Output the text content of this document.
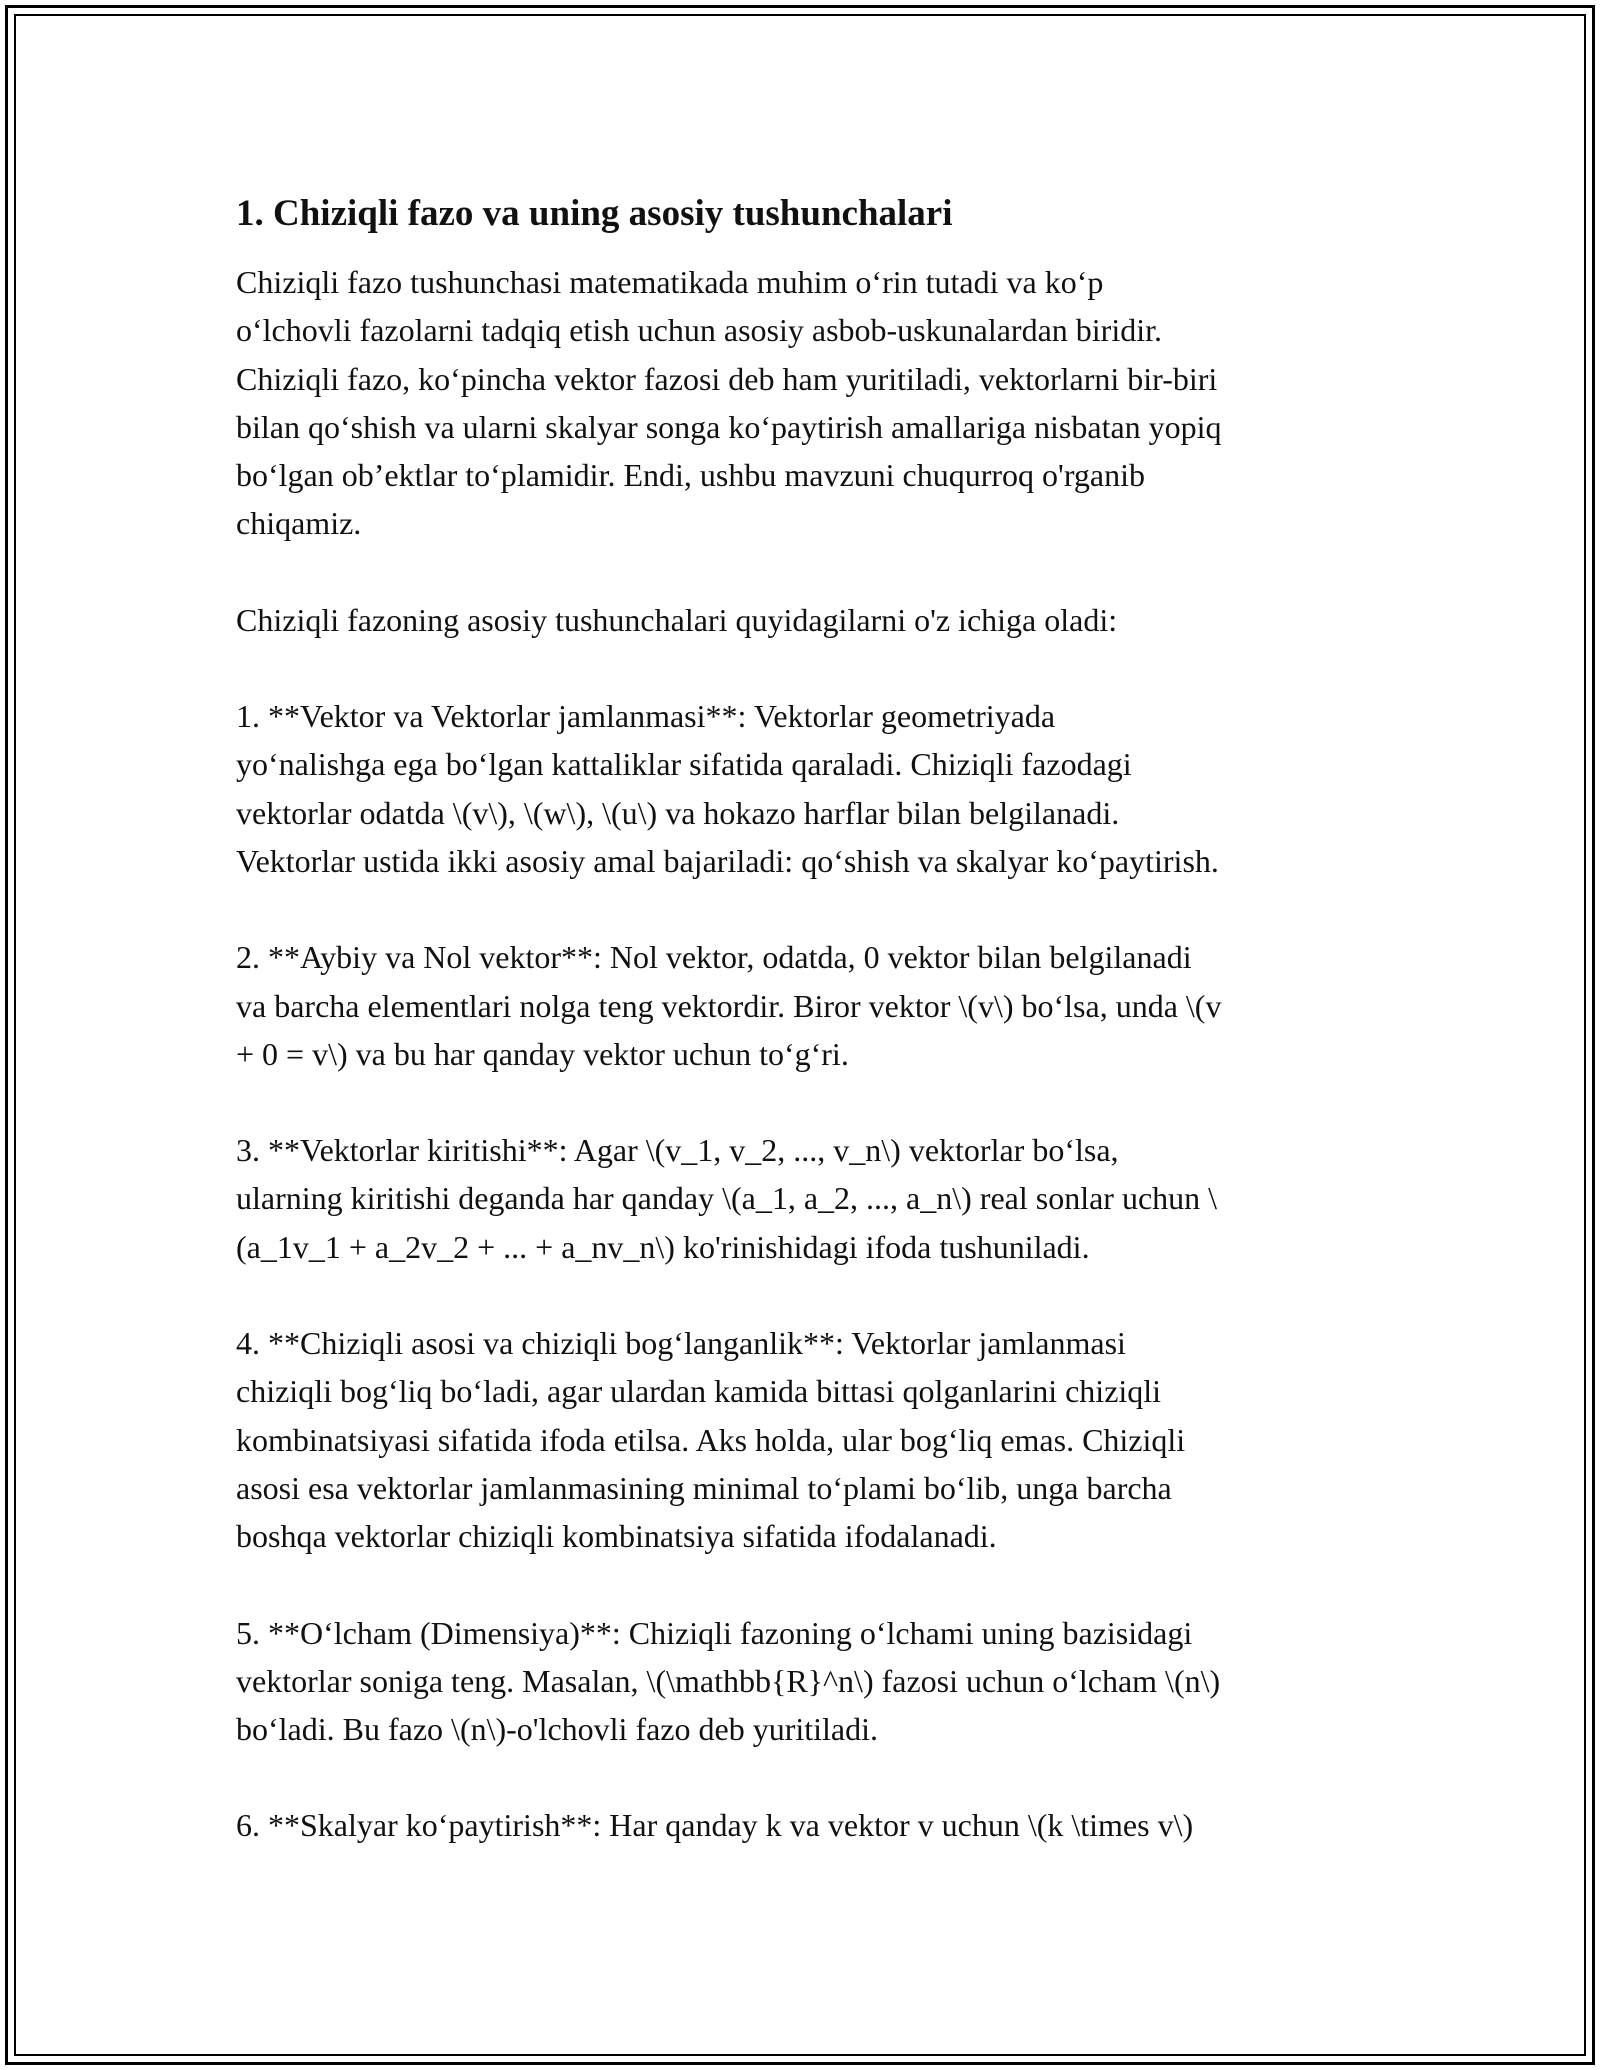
1. Chiziqli fazo va uning asosiy tushunchalari

Chiziqli fazo tushunchasi matematikada muhim o‘rin tutadi va ko‘p
o‘lchovli fazolarni tadqiq etish uchun asosiy asbob-uskunalardan biridir.
Chiziqli fazo, ko‘pincha vektor fazosi deb ham yuritiladi, vektorlarni bir-biri
bilan qo‘shish va ularni skalyar songa ko‘paytirish amallariga nisbatan yopiq
bo‘lgan ob’ektlar to‘plamidir. Endi, ushbu mavzuni chuqurroq o'rganib
chiqamiz.

Chiziqli fazoning asosiy tushunchalari quyidagilarni o'z ichiga oladi:

1. **Vektor va Vektorlar jamlanmasi**: Vektorlar geometriyada
yo‘nalishga ega bo‘lgan kattaliklar sifatida qaraladi. Chiziqli fazodagi
vektorlar odatda \(v\), \(w\), \(u\) va hokazo harflar bilan belgilanadi.
Vektorlar ustida ikki asosiy amal bajariladi: qo‘shish va skalyar ko‘paytirish.

2. **Aybiy va Nol vektor**: Nol vektor, odatda, 0 vektor bilan belgilanadi
va barcha elementlari nolga teng vektordir. Biror vektor \(v\) bo‘lsa, unda \(v
+ 0 = v\) va bu har qanday vektor uchun to‘g‘ri.

3. **Vektorlar kiritishi**: Agar \(v_1, v_2, ..., v_n\) vektorlar bo‘lsa,
ularning kiritishi deganda har qanday \(a_1, a_2, ..., a_n\) real sonlar uchun \
(a_1v_1 + a_2v_2 + ... + a_nv_n\) ko'rinishidagi ifoda tushuniladi.

4. **Chiziqli asosi va chiziqli bog‘langanlik**: Vektorlar jamlanmasi
chiziqli bog‘liq bo‘ladi, agar ulardan kamida bittasi qolganlarini chiziqli
kombinatsiyasi sifatida ifoda etilsa. Aks holda, ular bog‘liq emas. Chiziqli
asosi esa vektorlar jamlanmasining minimal to‘plami bo‘lib, unga barcha
boshqa vektorlar chiziqli kombinatsiya sifatida ifodalanadi.

5. **O‘lcham (Dimensiya)**: Chiziqli fazoning o‘lchami uning bazisidagi
vektorlar soniga teng. Masalan, \(\mathbb{R}^n\) fazosi uchun o‘lcham \(n\)
bo‘ladi. Bu fazo \(n\)-o'lchovli fazo deb yuritiladi.

6. **Skalyar ko‘paytirish**: Har qanday k va vektor v uchun \(k \times v\)
